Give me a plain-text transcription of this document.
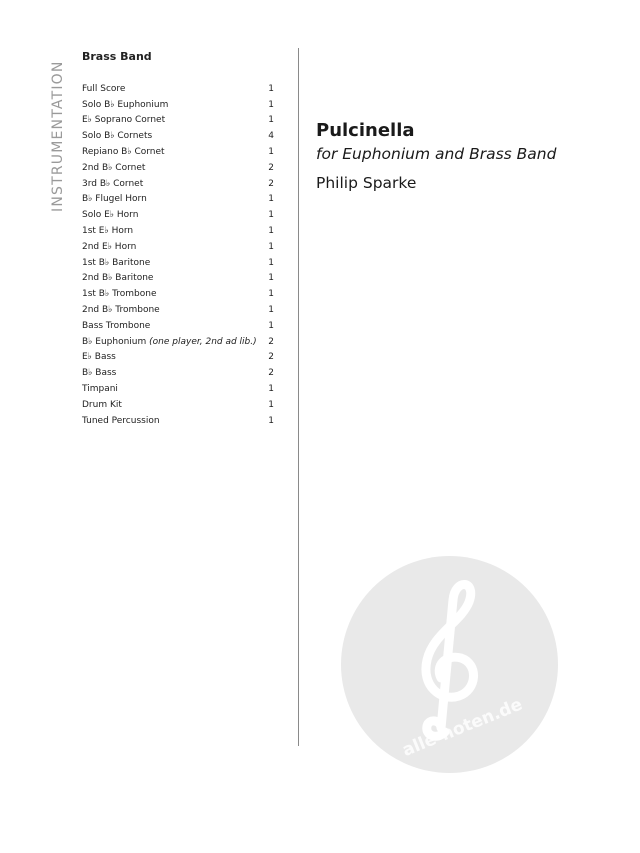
INSTRUMENTATION
Brass Band
Full Score	1
Solo B♭ Euphonium	1
E♭ Soprano Cornet	1
Solo B♭ Cornets	4
Repiano B♭ Cornet	1
2nd B♭ Cornet	2
3rd B♭ Cornet	2
B♭ Flugel Horn	1
Solo E♭ Horn	1
1st E♭ Horn	1
2nd E♭ Horn	1
1st B♭ Baritone	1
2nd B♭ Baritone	1
1st B♭ Trombone	1
2nd B♭ Trombone	1
Bass Trombone	1
B♭ Euphonium (one player, 2nd ad lib.)	2
E♭ Bass	2
B♭ Bass	2
Timpani	1
Drum Kit	1
Tuned Percussion	1
Pulcinella
for Euphonium and Brass Band
Philip Sparke
alle-noten.de
